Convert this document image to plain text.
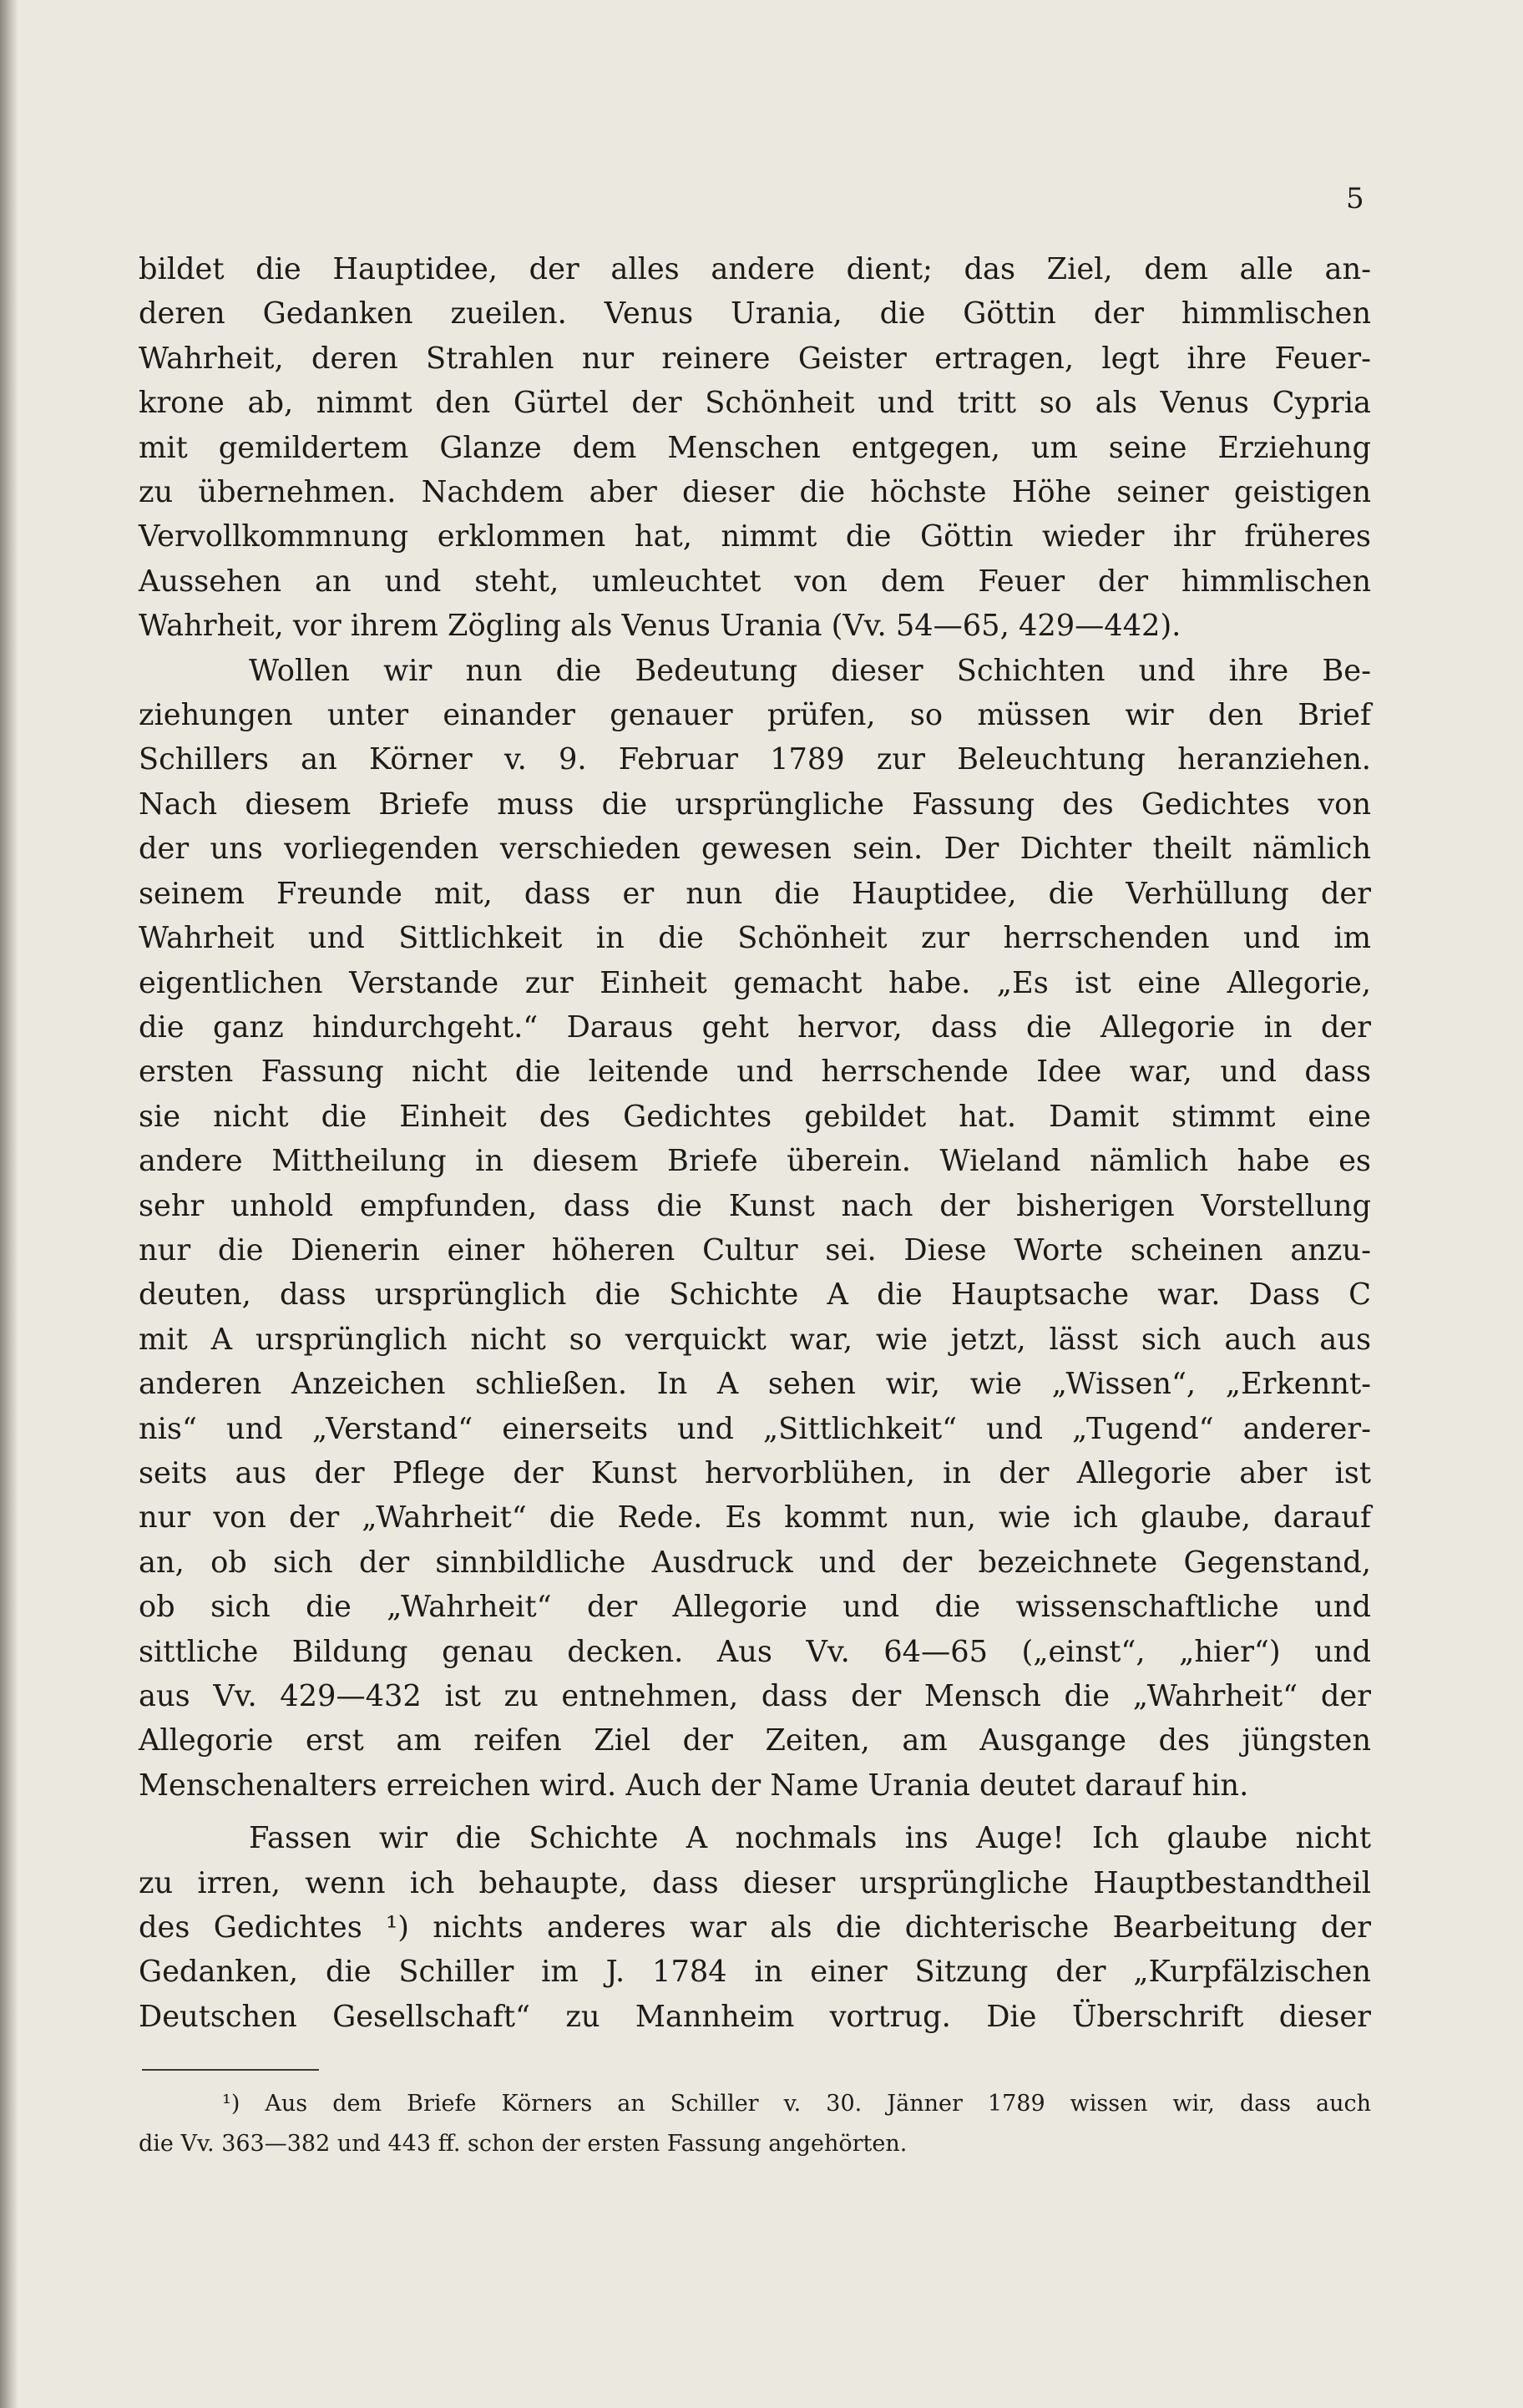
5

bildet die Hauptidee, der alles andere dient; das Ziel, dem alle an-

deren Gedanken zueilen. Venus Urania, die Göttin der himmlischen

Wahrheit, deren Strahlen nur reinere Geister ertragen, legt ihre Feuer-

krone ab, nimmt den Gürtel der Schönheit und tritt so als Venus Cypria

mit gemildertem Glanze dem Menschen entgegen, um seine Erziehung

zu übernehmen. Nachdem aber dieser die höchste Höhe seiner geistigen

Vervollkommnung erklommen hat, nimmt die Göttin wieder ihr früheres

Aussehen an und steht, umleuchtet von dem Feuer der himmlischen

Wahrheit, vor ihrem Zögling als Venus Urania (Vv. 54—65, 429—442).

Wollen wir nun die Bedeutung dieser Schichten und ihre Be-

ziehungen unter einander genauer prüfen, so müssen wir den Brief

Schillers an Körner v. 9. Februar 1789 zur Beleuchtung heranziehen.

Nach diesem Briefe muss die ursprüngliche Fassung des Gedichtes von

der uns vorliegenden verschieden gewesen sein. Der Dichter theilt nämlich

seinem Freunde mit, dass er nun die Hauptidee, die Verhüllung der

Wahrheit und Sittlichkeit in die Schönheit zur herrschenden und im

eigentlichen Verstande zur Einheit gemacht habe. „Es ist eine Allegorie,

die ganz hindurchgeht.“ Daraus geht hervor, dass die Allegorie in der

ersten Fassung nicht die leitende und herrschende Idee war, und dass

sie nicht die Einheit des Gedichtes gebildet hat. Damit stimmt eine

andere Mittheilung in diesem Briefe überein. Wieland nämlich habe es

sehr unhold empfunden, dass die Kunst nach der bisherigen Vorstellung

nur die Dienerin einer höheren Cultur sei. Diese Worte scheinen anzu-

deuten, dass ursprünglich die Schichte A die Hauptsache war. Dass C

mit A ursprünglich nicht so verquickt war, wie jetzt, lässt sich auch aus

anderen Anzeichen schließen. In A sehen wir, wie „Wissen“, „Erkennt-

nis“ und „Verstand“ einerseits und „Sittlichkeit“ und „Tugend“ anderer-

seits aus der Pflege der Kunst hervorblühen, in der Allegorie aber ist

nur von der „Wahrheit“ die Rede. Es kommt nun, wie ich glaube, darauf

an, ob sich der sinnbildliche Ausdruck und der bezeichnete Gegenstand,

ob sich die „Wahrheit“ der Allegorie und die wissenschaftliche und

sittliche Bildung genau decken. Aus Vv. 64—65 („einst“, „hier“) und

aus Vv. 429—432 ist zu entnehmen, dass der Mensch die „Wahrheit“ der

Allegorie erst am reifen Ziel der Zeiten, am Ausgange des jüngsten

Menschenalters erreichen wird. Auch der Name Urania deutet darauf hin.

Fassen wir die Schichte A nochmals ins Auge! Ich glaube nicht

zu irren, wenn ich behaupte, dass dieser ursprüngliche Hauptbestandtheil

des Gedichtes ¹) nichts anderes war als die dichterische Bearbeitung der

Gedanken, die Schiller im J. 1784 in einer Sitzung der „Kurpfälzischen

Deutschen Gesellschaft“ zu Mannheim vortrug. Die Überschrift dieser

¹) Aus dem Briefe Körners an Schiller v. 30. Jänner 1789 wissen wir, dass auch

die Vv. 363—382 und 443 ff. schon der ersten Fassung angehörten.
